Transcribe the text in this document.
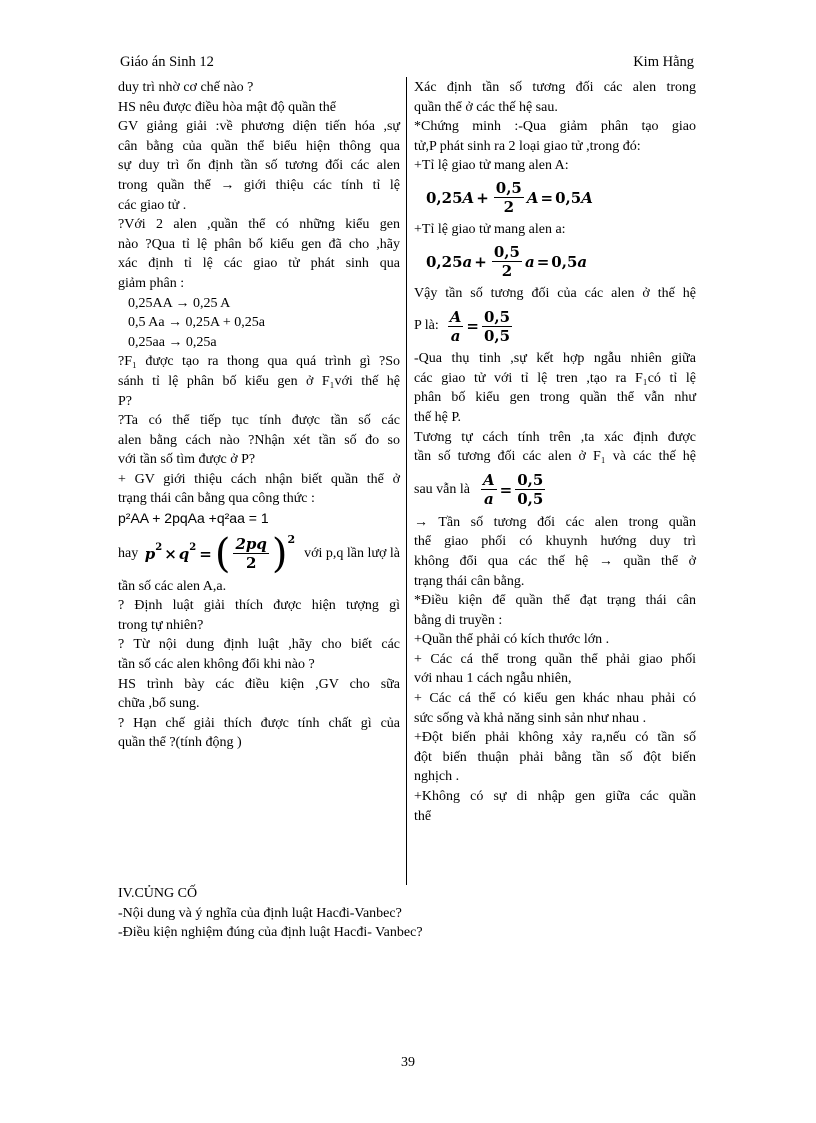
Giáo án Sinh 12	Kim Hằng
duy trì nhờ cơ chế nào ?
HS nêu được điều hòa mật độ quần thể
GV giảng giải :về phương diện tiến hóa ,sự
cân bằng của quần thể biểu hiện thông qua
sự duy trì ổn định tần số tương đối các alen
trong quần thể → giới thiệu các tính tỉ lệ
các giao tử .
?Với 2 alen ,quần thể có những kiểu gen
nào ?Qua tỉ lệ phân bố kiểu gen đã cho ,hãy
xác định tỉ lệ các giao tử phát sinh qua
giảm phân :
0,25AA → 0,25 A
0,5 Aa → 0,25A + 0,25a
0,25aa → 0,25a
?F₁ được tạo ra thong qua quá trình gì ?So
sánh tỉ lệ phân bố kiểu gen ở F₁với thế hệ
P?
?Ta có thể tiếp tục tính được tần số các
alen bằng cách nào ?Nhận xét tần số đo so
với tần số tìm được ở P?
+ GV giới thiệu cách nhận biết quần thể ở
trạng thái cân bằng qua công thức :
p²AA + 2pqAa +q²aa = 1
hay $p^2 \times q^2$ = ( $\frac{2pq}{2} )^2$
với p,q lần lượ là
tần số các alen A,a.
? Định luật giải thích được hiện tượng gì
trong tự nhiên?
? Từ nội dung định luật ,hãy cho biết các
tần số các alen không đổi khi nào ?
HS trình bày các điều kiện ,GV cho sữa
chữa ,bổ sung.
? Hạn chế giải thích được tính chất gì của
quần thể ?(tính động )
Xác định tần số tương đối các alen trong
quần thể ở các thế hệ sau.
*Chứng minh :-Qua giảm phân tạo giao
tử,P phát sinh ra 2 loại giao tử ,trong đó:
+Tỉ lệ giao tử mang alen A:
0,25 $A + \frac{0,5}{2}$ A = 0,5 A
+Tỉ lệ giao tử mang alen a:
0,25 $a + \frac{0,5}{2}$ a = 0,5 a
Vậy tần số tương đối của các alen ở thế hệ
P là: $\frac{A}{a} = \frac{0,5}{0,5}$
-Qua thụ tinh ,sự kết hợp ngẫu nhiên giữa
các giao tử với tỉ lệ tren ,tạo ra F₁có tỉ lệ
phân bố kiểu gen trong quần thể vẫn như
thế hệ P.
Tương tự cách tính trên ,ta xác định được
tần số tương đối các alen ở F₁ và các thế hệ
sau vẫn là $\frac{A}{a} = \frac{0,5}{0,5}$
→ Tần số tương đối các alen trong quần
thể giao phối có khuynh hướng duy trì
không đổi qua các thế hệ → quần thể ở
trạng thái cân bằng.
*Điều kiện để quần thể đạt trạng thái cân
bằng di truyền :
+Quần thể phải có kích thước lớn .
+ Các cá thể trong quần thể phải giao phối
với nhau 1 cách ngẫu nhiên,
+ Các cá thể có kiểu gen khác nhau phải có
sức sống và khả năng sinh sản như nhau .
+Đột biến phải không xảy ra,nếu có tần số
đột biến thuận phải bằng tần số đột biến
nghịch .
+Không có sự di nhập gen giữa các quần
thể
IV.CỦNG CỐ
-Nội dung và ý nghĩa của định luật Hacđi-Vanbec?
-Điều kiện nghiệm đúng của định luật Hacđi- Vanbec?
39
